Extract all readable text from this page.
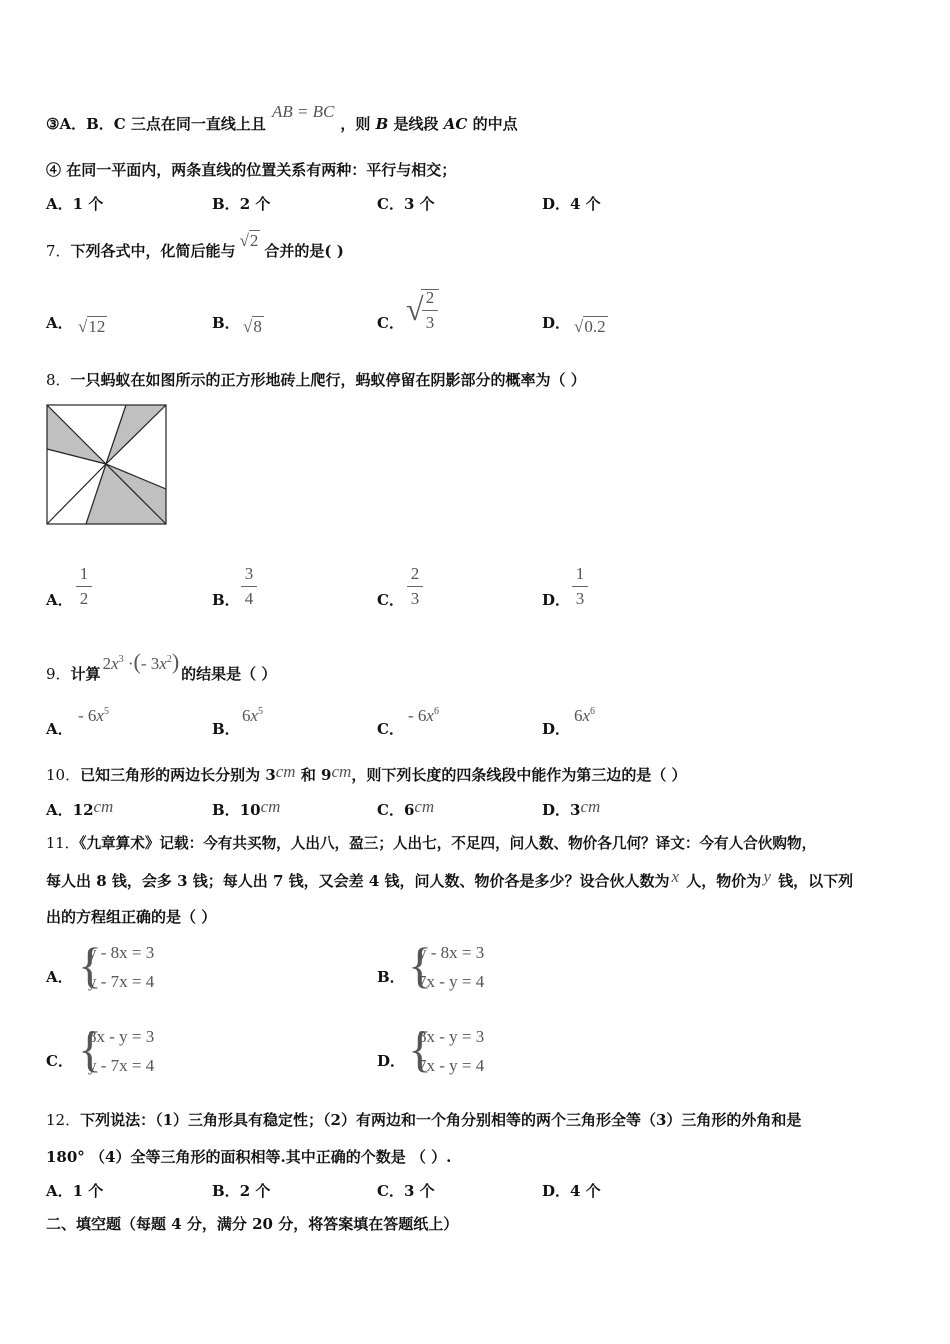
③A．B．C 三点在同一直线上且AB = BC，则 B 是线段 AC 的中点
④ 在同一平面内，两条直线的位置关系有两种：平行与相交；
A．1 个	B．2 个	C．3 个	D．4 个
7．下列各式中，化简后能与√2合并的是( )
A． √12	B． √8	C． √ 2
3	D． √0.2
8．一只蚂蚁在如图所示的正方形地砖上爬行，蚂蚁停留在阴影部分的概率为（ ）
A．
1
2	B．
3
4	C．
2
3	D．
1
3
9．计算$2x^3$ ·(- $3x^2$) 的结果是（ ）
A．
- $6x^5$
B．
$6x^5$
C．
- $6x^6$
D．
$6x^6$
10．已知三角形的两边长分别为 3cm 和 9cm，则下列长度的四条线段中能作为第三边的是（ ）
A．12cm	B．10cm	C．6cm	D．3cm
11．《九章算术》记载：今有共买物，人出八，盈三；人出七，不足四，问人数、物价各几何？译文：今有人合伙购物，
每人出 8 钱，会多 3 钱；每人出 7 钱，又会差 4 钱，问人数、物价各是多少？设合伙人数为 x 人，物价为 y 钱，以下列
出的方程组正确的是（ ）
A． {
y - 8x = 3
y - 7x = 4	B． {
y - 8x = 3
7x - y = 4
C． {
8x - y = 3
y - 7x = 4	D． {
8x - y = 3
7x - y = 4
12．下列说法：（1）三角形具有稳定性；（2）有两边和一个角分别相等的两个三角形全等（3）三角形的外角和是
180° （4）全等三角形的面积相等.其中正确的个数是 （ ）.
A．1 个	B．2 个	C．3 个	D．4 个
二、填空题（每题 4 分，满分 20 分，将答案填在答题纸上）
